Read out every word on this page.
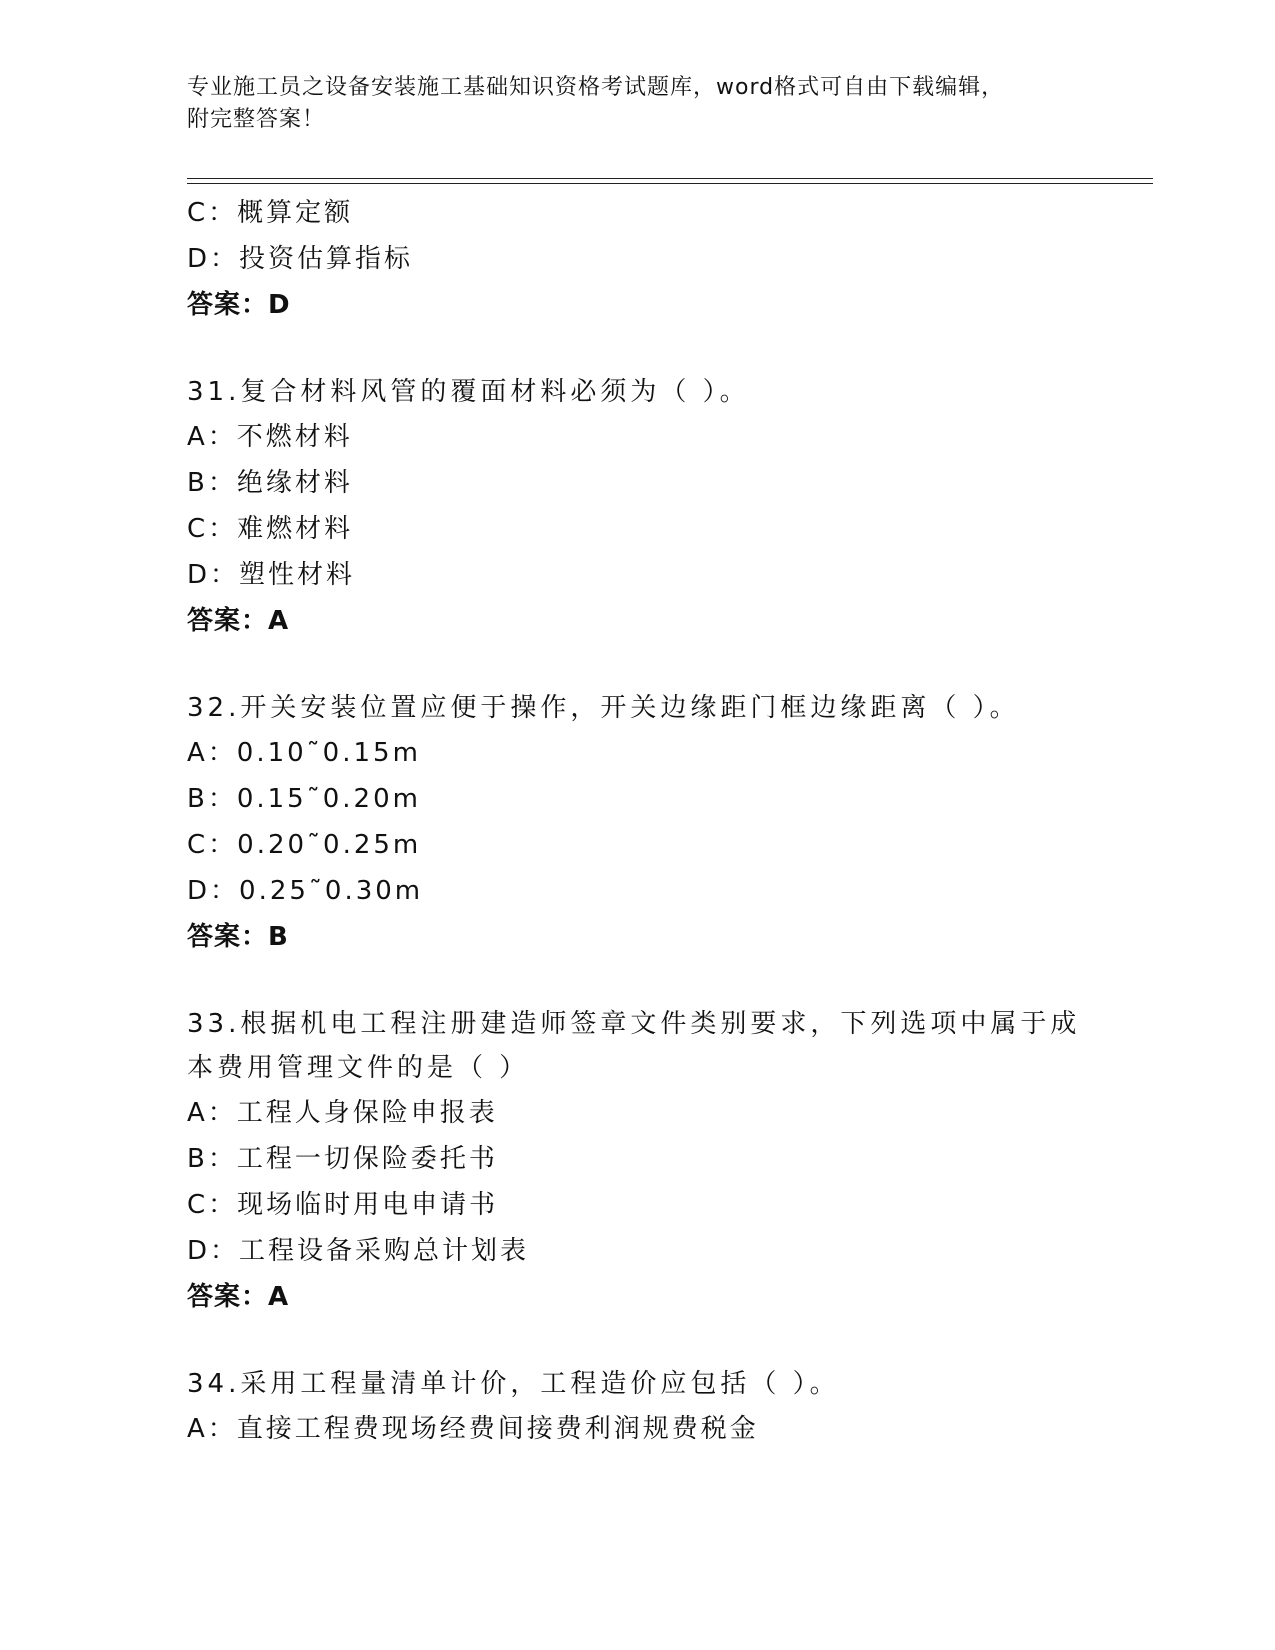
专业施工员之设备安装施工基础知识资格考试题库，word格式可自由下载编辑，
附完整答案！
C：概算定额
D：投资估算指标
答案：D
31.复合材料风管的覆面材料必须为（ ）。
A：不燃材料
B：绝缘材料
C：难燃材料
D：塑性材料
答案：A
32.开关安装位置应便于操作，开关边缘距门框边缘距离（ ）。
A：0.10˜0.15m
B：0.15˜0.20m
C：0.20˜0.25m
D：0.25˜0.30m
答案：B
33.根据机电工程注册建造师签章文件类别要求，下列选项中属于成本费用管理文件的是（ ）
A：工程人身保险申报表
B：工程一切保险委托书
C：现场临时用电申请书
D：工程设备采购总计划表
答案：A
34.采用工程量清单计价，工程造价应包括（ ）。
A：直接工程费现场经费间接费利润规费税金
